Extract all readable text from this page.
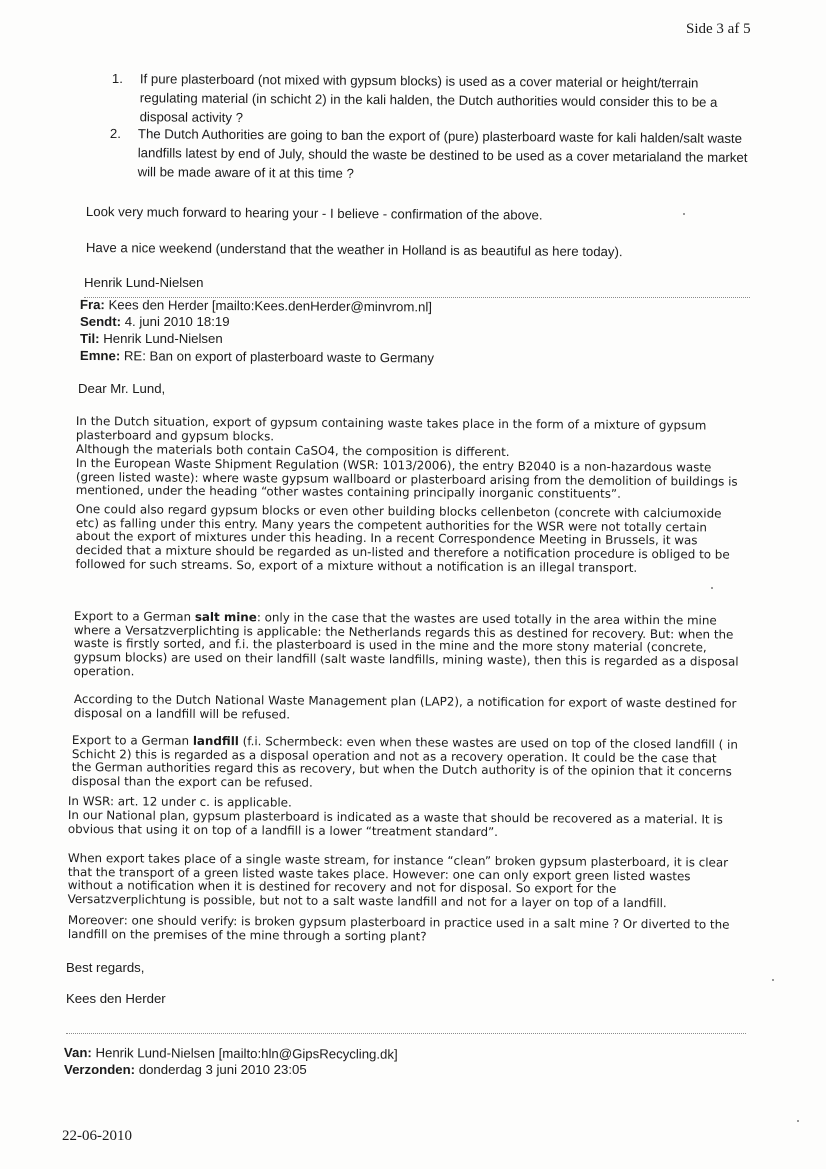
Side 3 af 5
1. If pure plasterboard (not mixed with gypsum blocks) is used as a cover material or height/terrain regulating material (in schicht 2) in the kali halden, the Dutch authorities would consider this to be a disposal activity ?
2. The Dutch Authorities are going to ban the export of (pure) plasterboard waste for kali halden/salt waste landfills latest by end of July, should the waste be destined to be used as a cover metarialand the market will be made aware of it at this time ?
Look very much forward to hearing your - I believe - confirmation of the above.
Have a nice weekend (understand that the weather in Holland is as beautiful as here today).
Henrik Lund-Nielsen
Fra: Kees den Herder [mailto:Kees.denHerder@minvrom.nl]
Sendt: 4. juni 2010 18:19
Til: Henrik Lund-Nielsen
Emne: RE: Ban on export of plasterboard waste to Germany
Dear Mr. Lund,
In the Dutch situation, export of gypsum containing waste takes place in the form of a mixture of gypsum plasterboard and gypsum blocks.
Although the materials both contain CaSO4, the composition is different.
In the European Waste Shipment Regulation (WSR: 1013/2006), the entry B2040 is a non-hazardous waste (green listed waste): where waste gypsum wallboard or plasterboard arising from the demolition of buildings is mentioned, under the heading “other wastes containing principally inorganic constituents”.
One could also regard gypsum blocks or even other building blocks cellenbeton (concrete with calciumoxide etc) as falling under this entry. Many years the competent authorities for the WSR were not totally certain about the export of mixtures under this heading. In a recent Correspondence Meeting in Brussels, it was decided that a mixture should be regarded as un-listed and therefore a notification procedure is obliged to be followed for such streams. So, export of a mixture without a notification is an illegal transport.
Export to a German salt mine: only in the case that the wastes are used totally in the area within the mine where a Versatzverplichting is applicable: the Netherlands regards this as destined for recovery. But: when the waste is firstly sorted, and f.i. the plasterboard is used in the mine and the more stony material (concrete, gypsum blocks) are used on their landfill (salt waste landfills, mining waste), then this is regarded as a disposal operation.
According to the Dutch National Waste Management plan (LAP2), a notification for export of waste destined for disposal on a landfill will be refused.
Export to a German landfill (f.i. Schermbeck: even when these wastes are used on top of the closed landfill ( in Schicht 2) this is regarded as a disposal operation and not as a recovery operation. It could be the case that the German authorities regard this as recovery, but when the Dutch authority is of the opinion that it concerns disposal than the export can be refused.
In WSR: art. 12 under c. is applicable.
In our National plan, gypsum plasterboard is indicated as a waste that should be recovered as a material. It is obvious that using it on top of a landfill is a lower “treatment standard”.
When export takes place of a single waste stream, for instance “clean” broken gypsum plasterboard, it is clear that the transport of a green listed waste takes place. However: one can only export green listed wastes without a notification when it is destined for recovery and not for disposal. So export for the Versatzverplichtung is possible, but not to a salt waste landfill and not for a layer on top of a landfill.
Moreover: one should verify: is broken gypsum plasterboard in practice used in a salt mine ? Or diverted to the landfill on the premises of the mine through a sorting plant?
Best regards,
Kees den Herder
Van: Henrik Lund-Nielsen [mailto:hln@GipsRecycling.dk]
Verzonden: donderdag 3 juni 2010 23:05
22-06-2010
